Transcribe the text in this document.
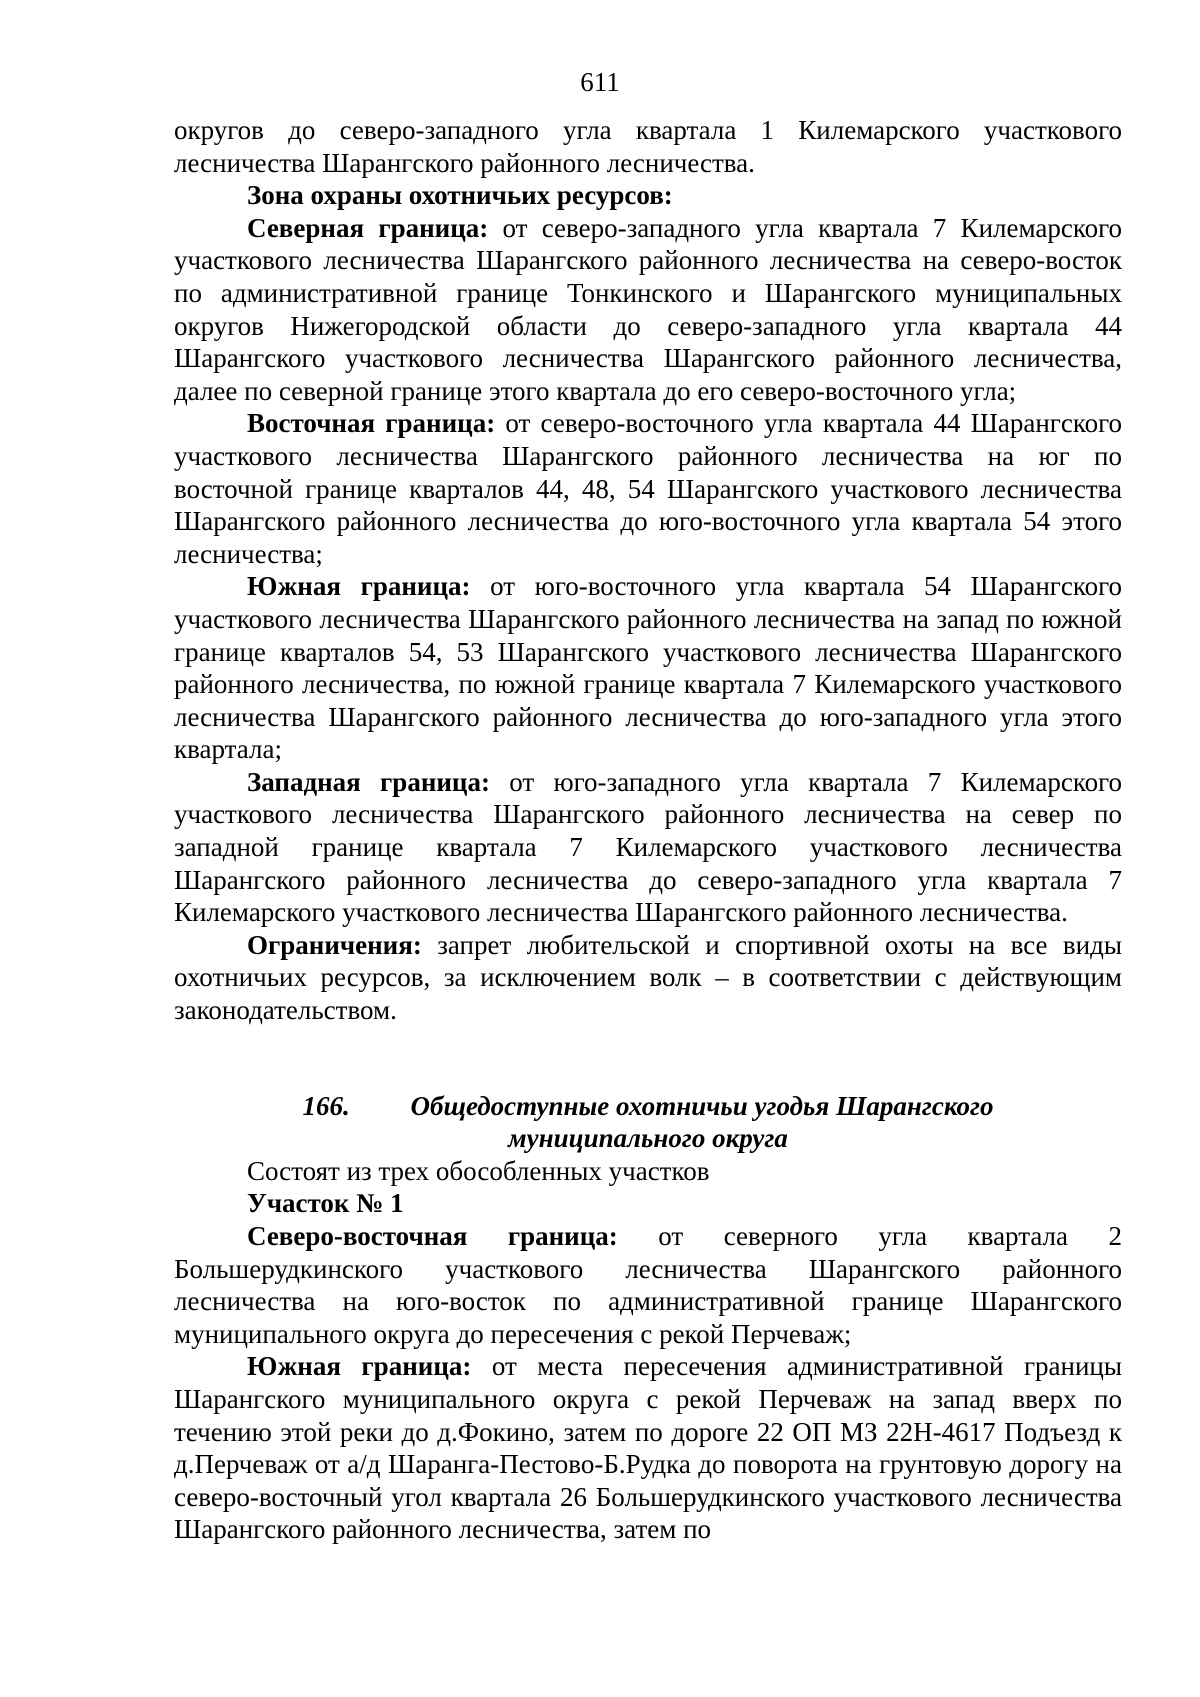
611

округов до северо-западного угла квартала 1 Килемарского участкового лесничества Шарангского районного лесничества.

Зона охраны охотничьих ресурсов:

Северная граница: от северо-западного угла квартала 7 Килемарского участкового лесничества Шарангского районного лесничества на северо-восток по административной границе Тонкинского и Шарангского муниципальных округов Нижегородской области до северо-западного угла квартала 44 Шарангского участкового лесничества Шарангского районного лесничества, далее по северной границе этого квартала до его северо-восточного угла;

Восточная граница: от северо-восточного угла квартала 44 Шарангского участкового лесничества Шарангского районного лесничества на юг по восточной границе кварталов 44, 48, 54 Шарангского участкового лесничества Шарангского районного лесничества до юго-восточного угла квартала 54 этого лесничества;

Южная граница: от юго-восточного угла квартала 54 Шарангского участкового лесничества Шарангского районного лесничества на запад по южной границе кварталов 54, 53 Шарангского участкового лесничества Шарангского районного лесничества, по южной границе квартала 7 Килемарского участкового лесничества Шарангского районного лесничества до юго-западного угла этого квартала;

Западная граница: от юго-западного угла квартала 7 Килемарского участкового лесничества Шарангского районного лесничества на север по западной границе квартала 7 Килемарского участкового лесничества Шарангского районного лесничества до северо-западного угла квартала 7 Килемарского участкового лесничества Шарангского районного лесничества.

Ограничения: запрет любительской и спортивной охоты на все виды охотничьих ресурсов, за исключением волк – в соответствии с действующим законодательством.

166. Общедоступные охотничьи угодья Шарангского
муниципального округа

Состоят из трех обособленных участков

Участок № 1

Северо-восточная граница: от северного угла квартала 2 Большерудкинского участкового лесничества Шарангского районного лесничества на юго-восток по административной границе Шарангского муниципального округа до пересечения с рекой Перчеваж;

Южная граница: от места пересечения административной границы Шарангского муниципального округа с рекой Перчеваж на запад вверх по течению этой реки до д.Фокино, затем по дороге 22 ОП МЗ 22Н-4617 Подъезд к д.Перчеваж от а/д Шаранга-Пестово-Б.Рудка до поворота на грунтовую дорогу на северо-восточный угол квартала 26 Большерудкинского участкового лесничества Шарангского районного лесничества, затем по
